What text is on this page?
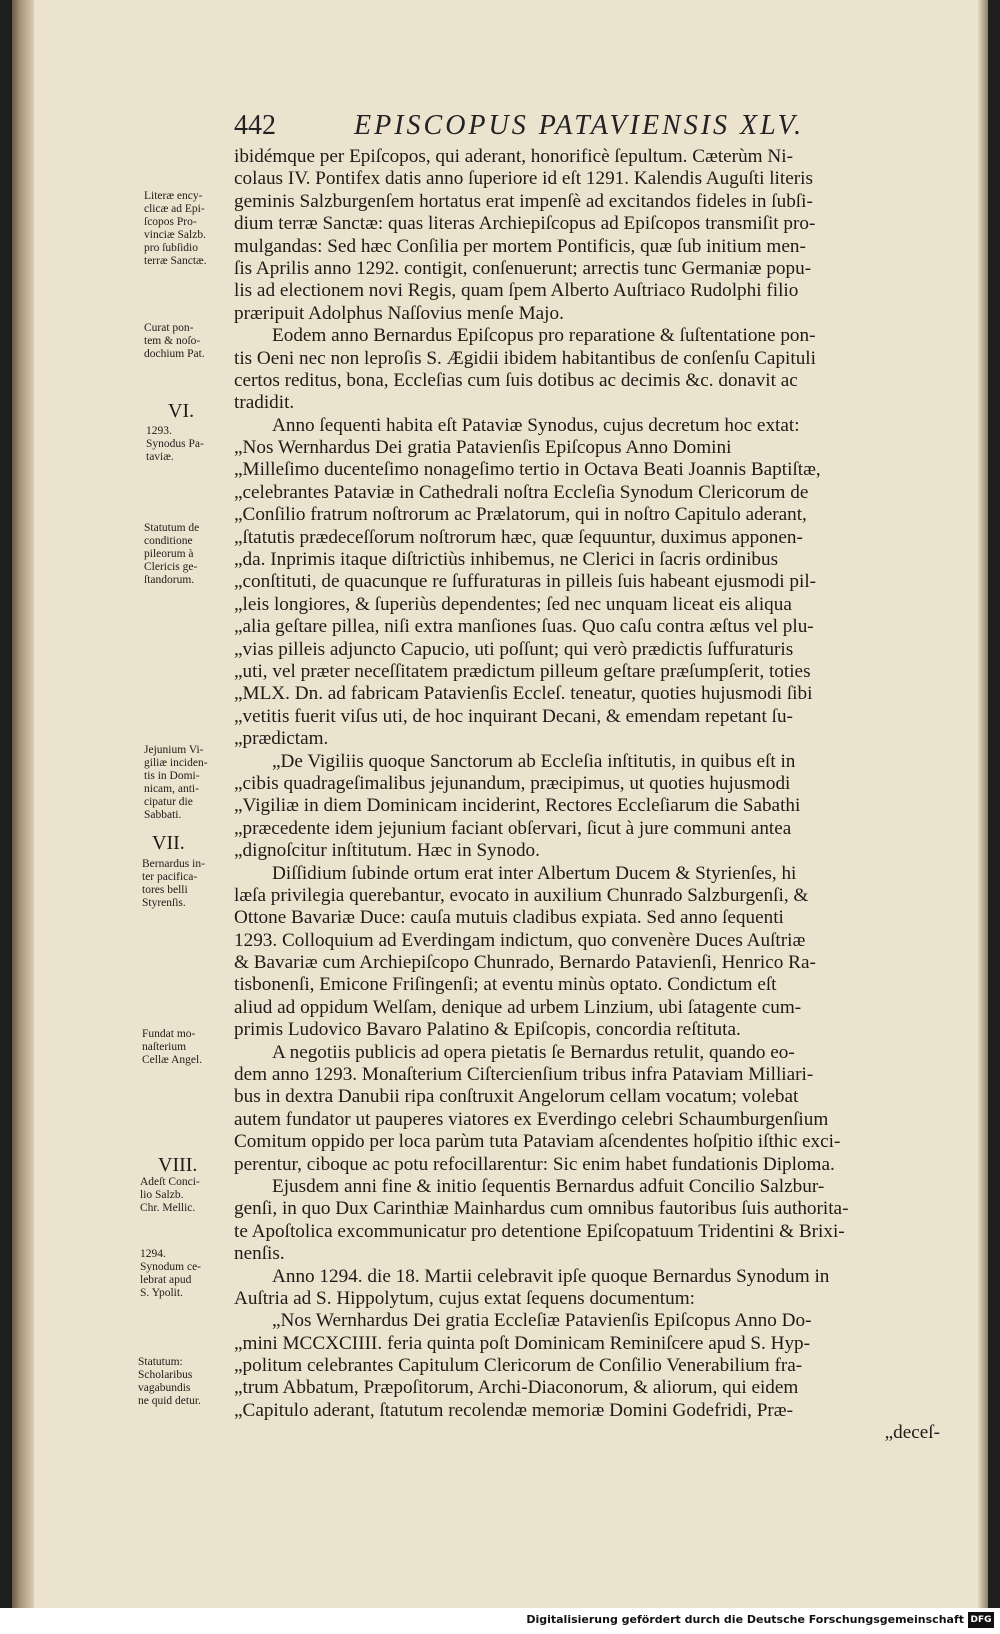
442	EPISCOPUS PATAVIENSIS XLV.
ibidémque per Epiſcopos, qui aderant, honorificè ſepultum. Cæterùm Ni-
colaus IV. Pontifex datis anno ſuperiore id eſt 1291. Kalendis Auguſti literis
geminis Salzburgenſem hortatus erat impenſè ad excitandos fideles in ſubſi-
dium terræ Sanctæ: quas literas Archiepiſcopus ad Epiſcopos transmiſit pro-
mulgandas: Sed hæc Conſilia per mortem Pontificis, quæ ſub initium men-
ſis Aprilis anno 1292. contigit, conſenuerunt; arrectis tunc Germaniæ popu-
lis ad electionem novi Regis, quam ſpem Alberto Auſtriaco Rudolphi filio
præripuit Adolphus Naſſovius menſe Majo.
Eodem anno Bernardus Epiſcopus pro reparatione & ſuſtentatione pon-
tis Oeni nec non leproſis S. Ægidii ibidem habitantibus de conſenſu Capituli
certos reditus, bona, Eccleſias cum ſuis dotibus ac decimis &c. donavit ac
tradidit.
Anno ſequenti habita eſt Pataviæ Synodus, cujus decretum hoc extat:
„Nos Wernhardus Dei gratia Patavienſis Epiſcopus Anno Domini
„Milleſimo ducenteſimo nonageſimo tertio in Octava Beati Joannis Baptiſtæ,
„celebrantes Pataviæ in Cathedrali noſtra Eccleſia Synodum Clericorum de
„Conſilio fratrum noſtrorum ac Prælatorum, qui in noſtro Capitulo aderant,
„ſtatutis prædeceſſorum noſtrorum hæc, quæ ſequuntur, duximus apponen-
„da. Inprimis itaque diſtrictiùs inhibemus, ne Clerici in ſacris ordinibus
„conſtituti, de quacunque re ſuffuraturas in pilleis ſuis habeant ejusmodi pil-
„leis longiores, & ſuperiùs dependentes; ſed nec unquam liceat eis aliqua
„alia geſtare pillea, niſi extra manſiones ſuas. Quo caſu contra æſtus vel plu-
„vias pilleis adjuncto Capucio, uti poſſunt; qui verò prædictis ſuffuraturis
„uti, vel præter neceſſitatem prædictum pilleum geſtare præſumpſerit, toties
„MLX. Dn. ad fabricam Patavienſis Eccleſ. teneatur, quoties hujusmodi ſibi
„vetitis fuerit viſus uti, de hoc inquirant Decani, & emendam repetant ſu-
„prædictam.
„De Vigiliis quoque Sanctorum ab Eccleſia inſtitutis, in quibus eſt in
„cibis quadrageſimalibus jejunandum, præcipimus, ut quoties hujusmodi
„Vigiliæ in diem Dominicam inciderint, Rectores Eccleſiarum die Sabathi
„præcedente idem jejunium faciant obſervari, ſicut à jure communi antea
„dignoſcitur inſtitutum. Hæc in Synodo.
Diſſidium ſubinde ortum erat inter Albertum Ducem & Styrienſes, hi
læſa privilegia querebantur, evocato in auxilium Chunrado Salzburgenſi, &
Ottone Bavariæ Duce: cauſa mutuis cladibus expiata. Sed anno ſequenti
1293. Colloquium ad Everdingam indictum, quo convenère Duces Auſtriæ
& Bavariæ cum Archiepiſcopo Chunrado, Bernardo Patavienſi, Henrico Ra-
tisbonenſi, Emicone Friſingenſi; at eventu minùs optato. Condictum eſt
aliud ad oppidum Welſam, denique ad urbem Linzium, ubi ſatagente cum-
primis Ludovico Bavaro Palatino & Epiſcopis, concordia reſtituta.
A negotiis publicis ad opera pietatis ſe Bernardus retulit, quando eo-
dem anno 1293. Monaſterium Ciſtercienſium tribus infra Pataviam Milliari-
bus in dextra Danubii ripa conſtruxit Angelorum cellam vocatum; volebat
autem fundator ut pauperes viatores ex Everdingo celebri Schaumburgenſium
Comitum oppido per loca parùm tuta Pataviam aſcendentes hoſpitio iſthic exci-
perentur, ciboque ac potu refocillarentur: Sic enim habet fundationis Diploma.
Ejusdem anni fine & initio ſequentis Bernardus adfuit Concilio Salzbur-
genſi, in quo Dux Carinthiæ Mainhardus cum omnibus fautoribus ſuis authorita-
te Apoſtolica excommunicatur pro detentione Epiſcopatuum Tridentini & Brixi-
nenſis.
Anno 1294. die 18. Martii celebravit ipſe quoque Bernardus Synodum in
Auſtria ad S. Hippolytum, cujus extat ſequens documentum:
„Nos Wernhardus Dei gratia Eccleſiæ Patavienſis Epiſcopus Anno Do-
„mini MCCXCIIII. feria quinta poſt Dominicam Reminiſcere apud S. Hyp-
„politum celebrantes Capitulum Clericorum de Conſilio Venerabilium fra-
„trum Abbatum, Præpoſitorum, Archi-Diaconorum, & aliorum, qui eidem
„Capitulo aderant, ſtatutum recolendæ memoriæ Domini Godefridi, Præ-
„deceſ-
Literæ ency-
clicæ ad Epi-
ſcopos Pro-
vinciæ Salzb.
pro ſubſidio
terræ Sanctæ.
Curat pon-
tem & noſo-
dochium Pat.
VI.
1293.
Synodus Pa-
taviæ.
Statutum de
conditione
pileorum à
Clericis ge-
ſtandorum.
Jejunium Vi-
giliæ inciden-
tis in Domi-
nicam, anti-
cipatur die
Sabbati.
VII.
Bernardus in-
ter pacifica-
tores belli
Styrenſis.
Fundat mo-
naſterium
Cellæ Angel.
VIII.
Adeſt Conci-
lio Salzb.
Chr. Mellic.
1294.
Synodum ce-
lebrat apud
S. Ypolit.
Statutum:
Scholaribus
vagabundis
ne quid detur.
Digitalisierung gefördert durch die Deutsche Forschungsgemeinschaft DFG
